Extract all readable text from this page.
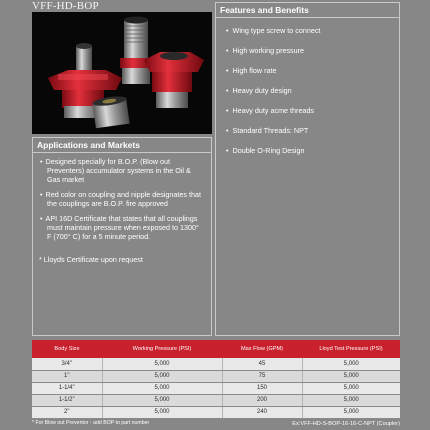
VFF-HD-BOP	Features and Benefits
• Wing type screw to connect
• High working pressure
• High flow rate
• Heavy duty design
• Heavy duty acme threads
• Standard Threads: NPT
• Double O-Ring Design
Applications and Markets
• Designed specially for B.O.P. (Blow out Preventers) accumulator systems in the Oil & Gas market
• Red color on coupling and nipple designates that the couplings are B.O.P. fire approved
• API 16D Certificate that states that all couplings must maintain pressure when exposed to 1300° F (700° C) for a 5 minute period.
* Lloyds Certificate upon request
Body Size	Working Pressure (PSI)	Max Flow (GPM)	Lloyd Test Pressure (PSI)
3/4"	5,000	45	5,000
1"	5,000	75	5,000
1-1/4"	5,000	150	5,000
1-1/2"	5,000	200	5,000
2"	5,000	240	5,000
* For Blow out Preventor - add BOP to part number	Ex:VFF-HD-S-BOP-16-16-C-NPT (Coupler)
